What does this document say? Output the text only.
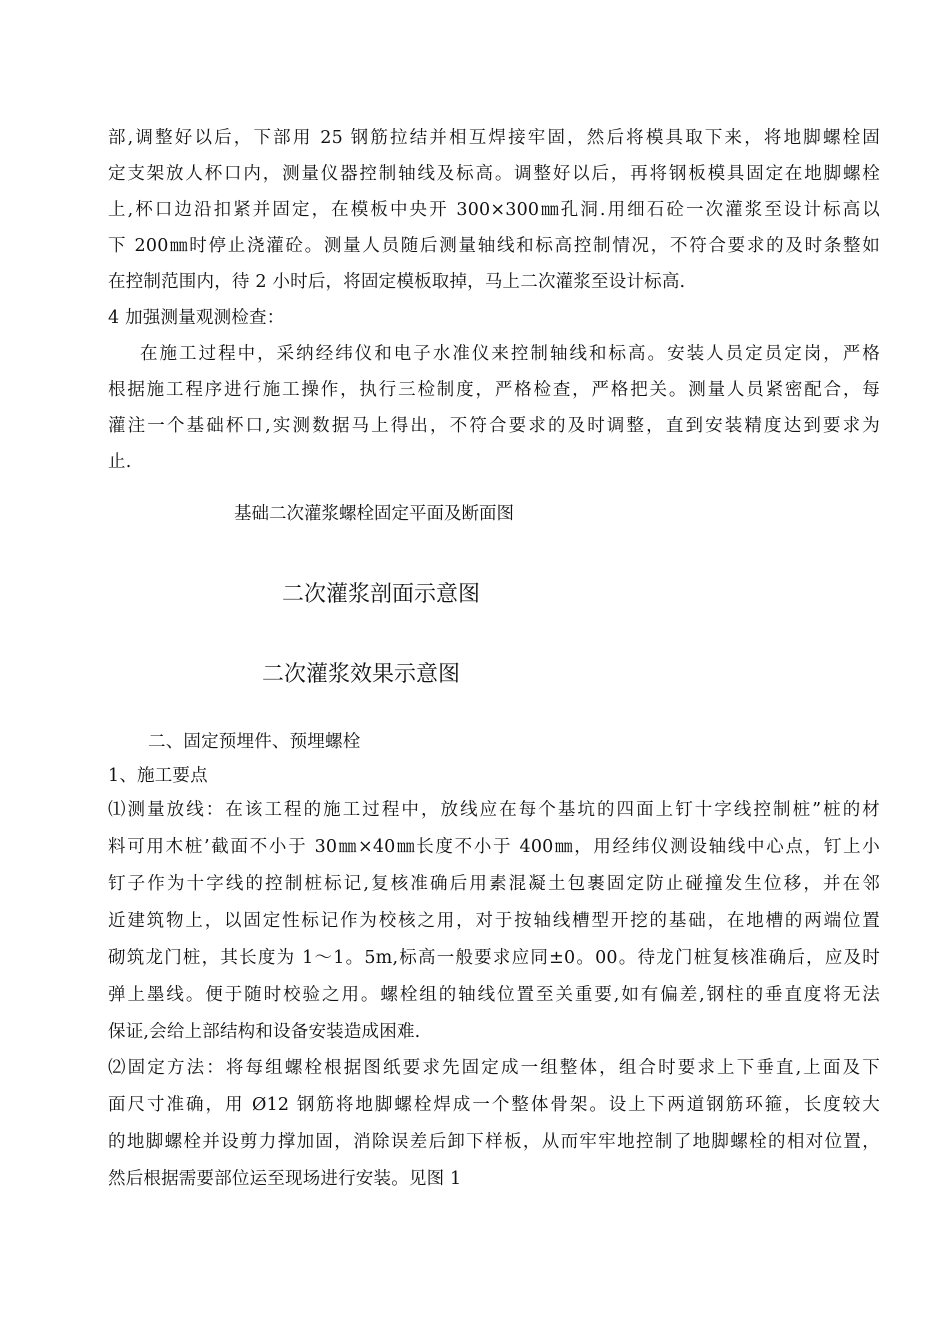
部,调整好以后，下部用 25 钢筋拉结并相互焊接牢固，然后将模具取下来，将地脚螺栓固
定支架放人杯口内，测量仪器控制轴线及标高。调整好以后，再将钢板模具固定在地脚螺栓
上,杯口边沿扣紧并固定，在模板中央开 300×300㎜孔洞.用细石砼一次灌浆至设计标高以
下 200㎜时停止浇灌砼。测量人员随后测量轴线和标高控制情况，不符合要求的及时条整如
在控制范围内，待 2 小时后，将固定模板取掉，马上二次灌浆至设计标高.
4 加强测量观测检查：
在施工过程中，采纳经纬仪和电子水准仪来控制轴线和标高。安装人员定员定岗，严格
根据施工程序进行施工操作，执行三检制度，严格检查，严格把关。测量人员紧密配合，每
灌注一个基础杯口,实测数据马上得出，不符合要求的及时调整，直到安装精度达到要求为
止.
基础二次灌浆螺栓固定平面及断面图
二次灌浆剖面示意图
二次灌浆效果示意图
二、固定预埋件、预埋螺栓
1、施工要点
⑴测量放线：在该工程的施工过程中，放线应在每个基坑的四面上钉十字线控制桩”桩的材
料可用木桩’截面不小于 30㎜×40㎜长度不小于 400㎜，用经纬仪测设轴线中心点，钉上小
钉子作为十字线的控制桩标记,复核准确后用素混凝土包裹固定防止碰撞发生位移，并在邻
近建筑物上，以固定性标记作为校核之用，对于按轴线槽型开挖的基础，在地槽的两端位置
砌筑龙门桩，其长度为 1～1。5m,标高一般要求应同±0。00。待龙门桩复核准确后，应及时
弹上墨线。便于随时校验之用。螺栓组的轴线位置至关重要,如有偏差,钢柱的垂直度将无法
保证,会给上部结构和设备安装造成困难.
⑵固定方法：将每组螺栓根据图纸要求先固定成一组整体，组合时要求上下垂直,上面及下
面尺寸准确，用 Ø12 钢筋将地脚螺栓焊成一个整体骨架。设上下两道钢筋环箍，长度较大
的地脚螺栓并设剪力撑加固，消除误差后卸下样板，从而牢牢地控制了地脚螺栓的相对位置，
然后根据需要部位运至现场进行安装。见图 1
